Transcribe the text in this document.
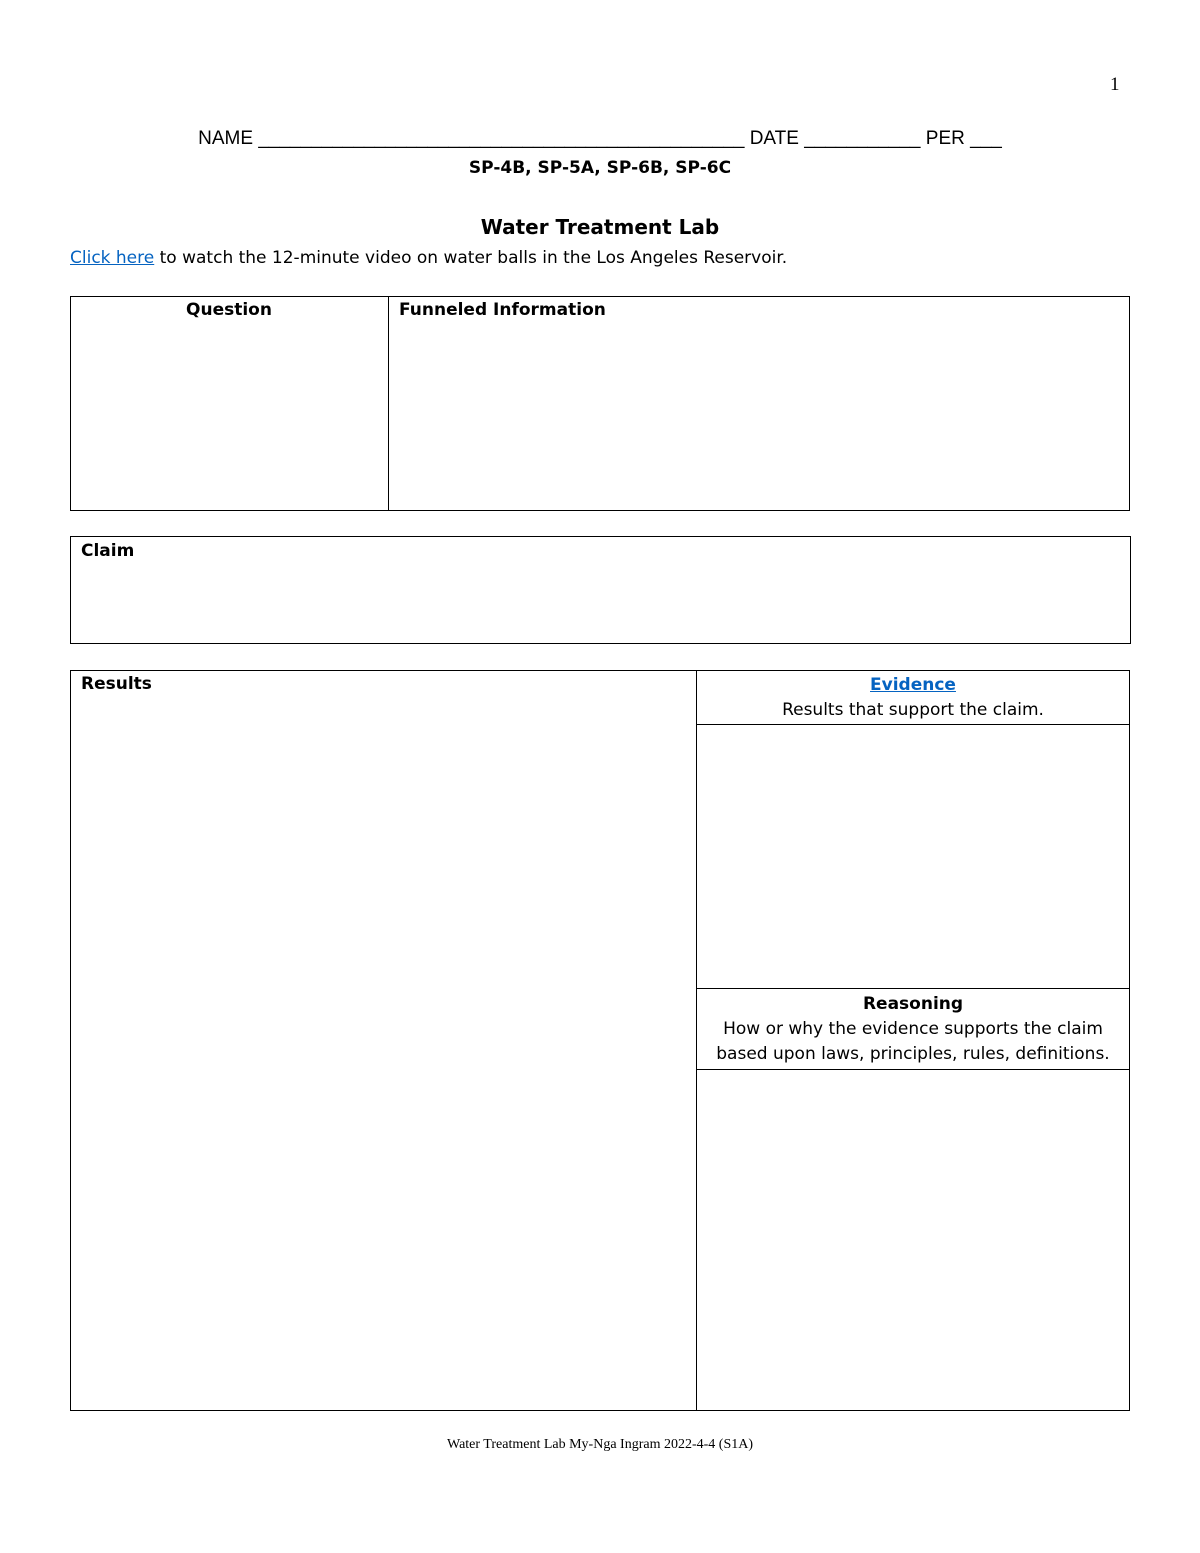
1
NAME ______________________________________________ DATE ___________ PER ___
SP-4B, SP-5A, SP-6B, SP-6C
Water Treatment Lab
Click here to watch the 12-minute video on water balls in the Los Angeles Reservoir.
Question	Funneled Information
Claim
Results	Evidence
Results that support the claim.
Reasoning
How or why the evidence supports the claim
based upon laws, principles, rules, definitions.
Water Treatment Lab My-Nga Ingram 2022-4-4 (S1A)
